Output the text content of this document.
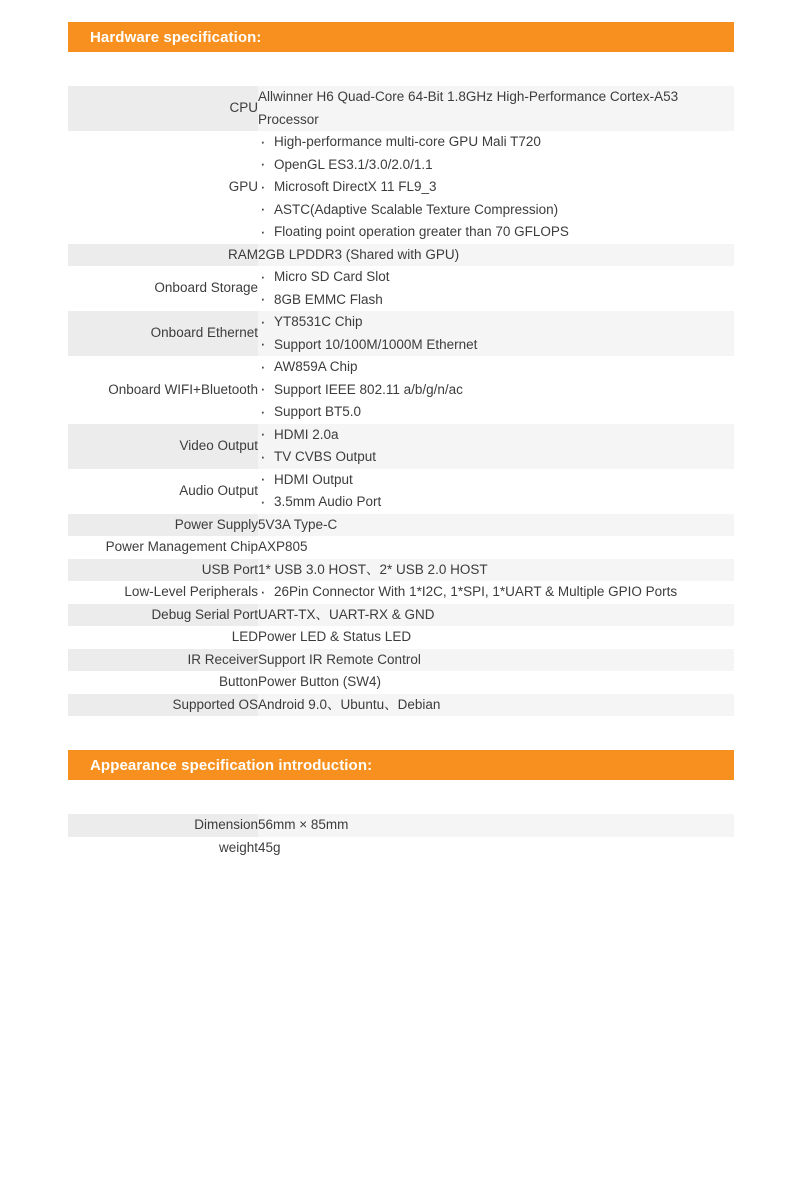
Hardware specification:
CPU	Allwinner H6 Quad-Core 64-Bit 1.8GHz High-Performance Cortex-A53 Processor
GPU	
· High-performance multi-core GPU Mali T720
· OpenGL ES3.1/3.0/2.0/1.1
· Microsoft DirectX 11 FL9_3
· ASTC(Adaptive Scalable Texture Compression)
· Floating point operation greater than 70 GFLOPS

RAM	2GB LPDDR3 (Shared with GPU)
Onboard Storage	
· Micro SD Card Slot
· 8GB EMMC Flash

Onboard Ethernet	
· YT8531C Chip
· Support 10/100M/1000M Ethernet

Onboard WIFI+Bluetooth	
· AW859A Chip
· Support IEEE 802.11 a/b/g/n/ac
· Support BT5.0

Video Output	
· HDMI 2.0a
· TV CVBS Output

Audio Output	
· HDMI Output
· 3.5mm Audio Port

Power Supply	5V3A Type-C
Power Management Chip	AXP805
USB Port	1* USB 3.0 HOST、2* USB 2.0 HOST
Low-Level Peripherals	
·26Pin Connector With 1*I2C, 1*SPI, 1*UART & Multiple GPIO Ports

Debug Serial Port	UART-TX、UART-RX & GND
LED	Power LED & Status LED
IR Receiver	Support IR Remote Control
Button	Power Button (SW4)
Supported OS	Android 9.0、Ubuntu、Debian
Appearance specification introduction:
Dimension	56mm × 85mm
weight	45g
